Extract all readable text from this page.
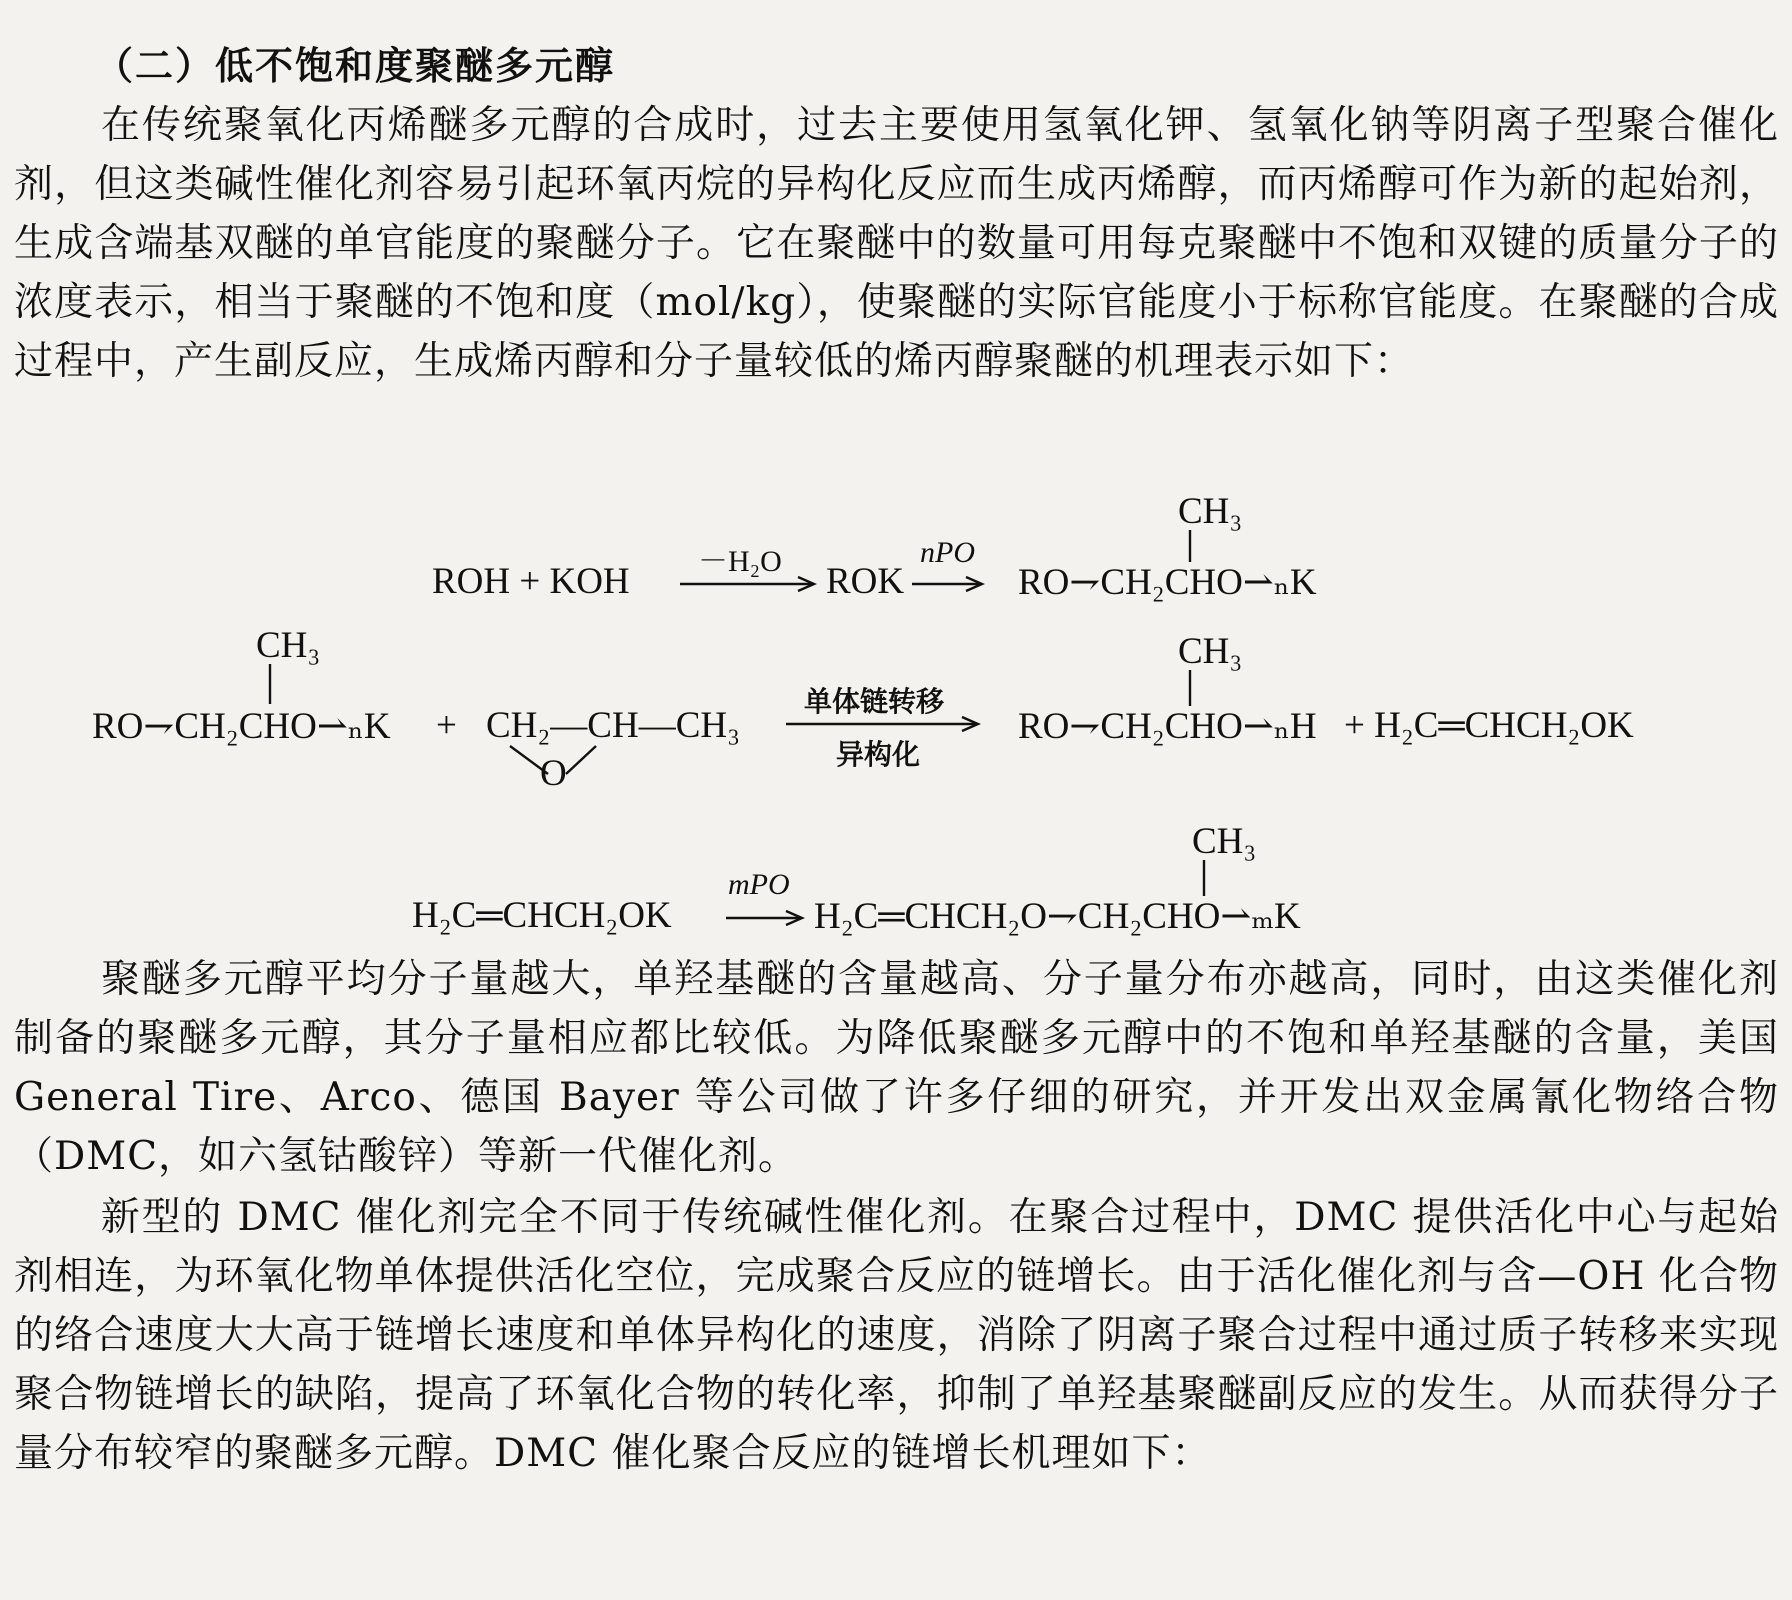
（二）低不饱和度聚醚多元醇
在传统聚氧化丙烯醚多元醇的合成时，过去主要使用氢氧化钾、氢氧化钠等阴离子型聚合催化剂，但这类碱性催化剂容易引起环氧丙烷的异构化反应而生成丙烯醇，而丙烯醇可作为新的起始剂，生成含端基双醚的单官能度的聚醚分子。它在聚醚中的数量可用每克聚醚中不饱和双键的质量分子的浓度表示，相当于聚醚的不饱和度（mol/kg），使聚醚的实际官能度小于标称官能度。在聚醚的合成过程中，产生副反应，生成烯丙醇和分子量较低的烯丙醇聚醚的机理表示如下：
ROH + KOH －H₂O ROK
nPO
RO⇁CH₂CHO⇀ₙK
CH₃
CH₃
RO⇁CH₂CHO⇀ₙK + CH₂—CH—CH₃
O
单体链转移
异构化
CH₃
RO⇁CH₂CHO⇀ₙH + H₂C═CHCH₂OK
H₂C═CHCH₂OK
mPO
H₂C═CHCH₂O⇁CH₂CHO⇀ₘK
CH₃
聚醚多元醇平均分子量越大，单羟基醚的含量越高、分子量分布亦越高，同时，由这类催化剂制备的聚醚多元醇，其分子量相应都比较低。为降低聚醚多元醇中的不饱和单羟基醚的含量，美国 General Tire、Arco、德国 Bayer 等公司做了许多仔细的研究，并开发出双金属氰化物络合物（DMC，如六氢钴酸锌）等新一代催化剂。
新型的 DMC 催化剂完全不同于传统碱性催化剂。在聚合过程中，DMC 提供活化中心与起始剂相连，为环氧化物单体提供活化空位，完成聚合反应的链增长。由于活化催化剂与含—OH 化合物的络合速度大大高于链增长速度和单体异构化的速度，消除了阴离子聚合过程中通过质子转移来实现聚合物链增长的缺陷，提高了环氧化合物的转化率，抑制了单羟基聚醚副反应的发生。从而获得分子量分布较窄的聚醚多元醇。DMC 催化聚合反应的链增长机理如下：
